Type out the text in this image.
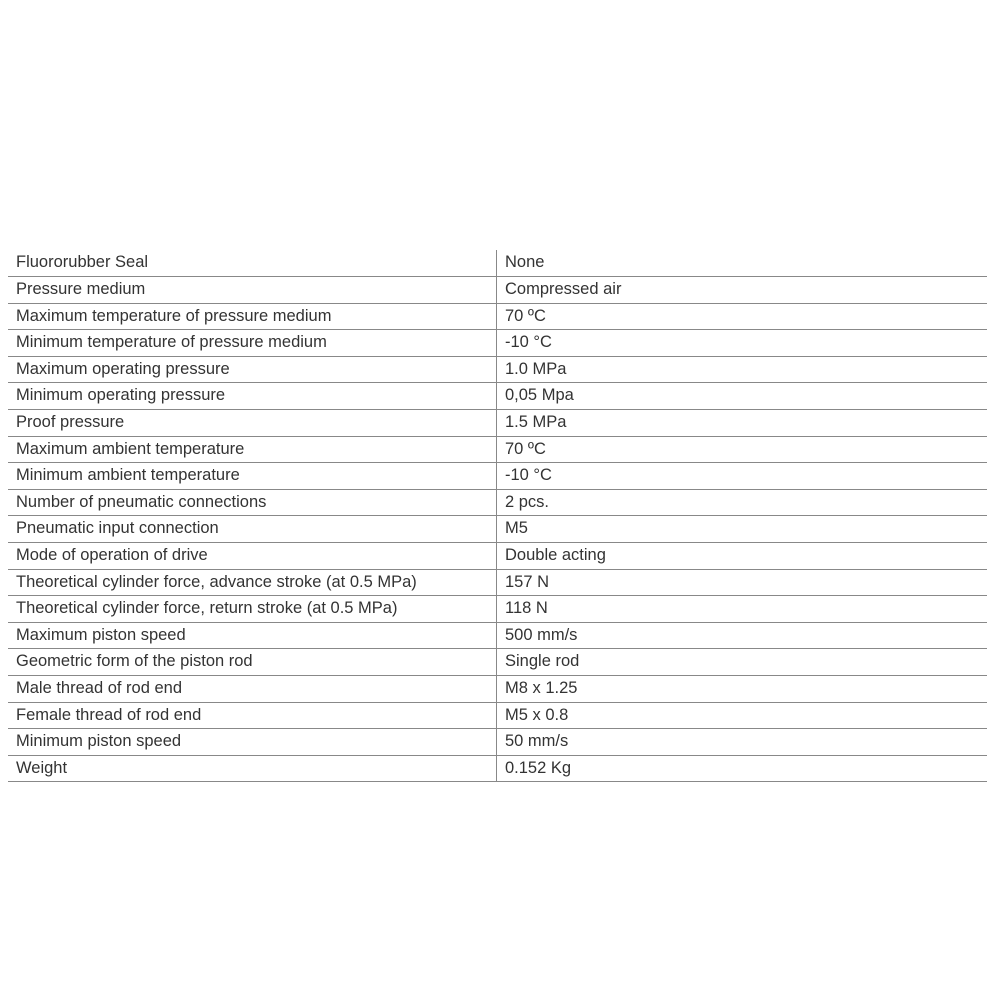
Fluororubber Seal	None
Pressure medium	Compressed air
Maximum temperature of pressure medium	70 ºC
Minimum temperature of pressure medium	-10 °C
Maximum operating pressure	1.0 MPa
Minimum operating pressure	0,05 Mpa
Proof pressure	1.5 MPa
Maximum ambient temperature	70 ºC
Minimum ambient temperature	-10 °C
Number of pneumatic connections	2 pcs.
Pneumatic input connection	M5
Mode of operation of drive	Double acting
Theoretical cylinder force, advance stroke (at 0.5 MPa)	157 N
Theoretical cylinder force, return stroke (at 0.5 MPa)	118 N
Maximum piston speed	500 mm/s
Geometric form of the piston rod	Single rod
Male thread of rod end	M8 x 1.25
Female thread of rod end	M5 x 0.8
Minimum piston speed	50 mm/s
Weight	0.152 Kg
